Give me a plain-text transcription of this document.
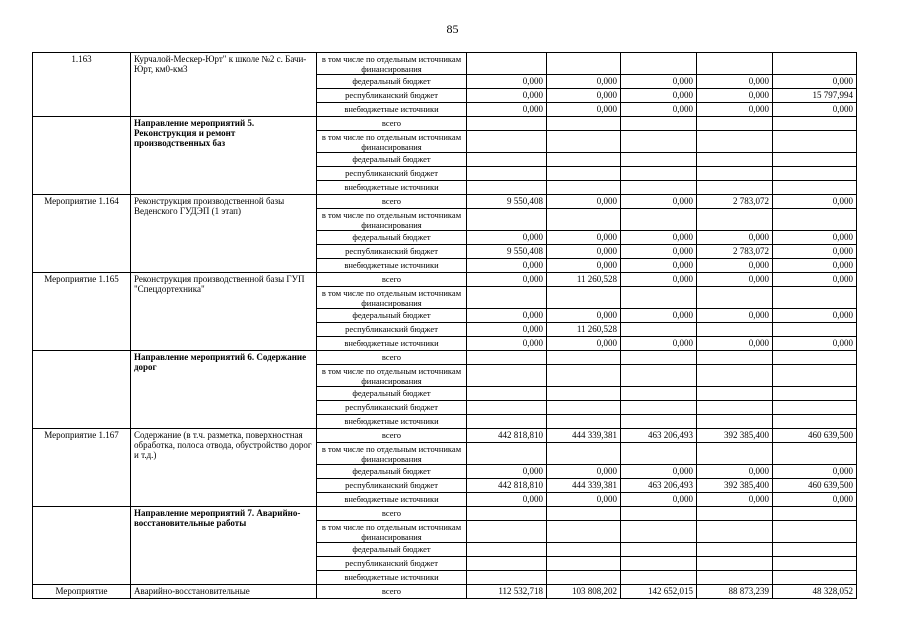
85
1.163	Курчалой-Мескер-Юрт" к школе №2 с. Бачи-Юрт, км0-км3	в том числе по отдельным источникам финансирования					
		федеральный бюджет	0,000	0,000	0,000	0,000	0,000
		республиканский бюджет	0,000	0,000	0,000	0,000	15 797,994
		внебюджетные источники	0,000	0,000	0,000	0,000	0,000
	Направление мероприятий 5. Реконструкция и ремонт производственных баз	всего					
		в том числе по отдельным источникам финансирования					
		федеральный бюджет					
		республиканский бюджет					
		внебюджетные источники					
Мероприятие 1.164	Реконструкция производственной базы Веденского ГУДЭП (1 этап)	всего	9 550,408	0,000	0,000	2 783,072	0,000
		в том числе по отдельным источникам финансирования					
		федеральный бюджет	0,000	0,000	0,000	0,000	0,000
		республиканский бюджет	9 550,408	0,000	0,000	2 783,072	0,000
		внебюджетные источники	0,000	0,000	0,000	0,000	0,000
Мероприятие 1.165	Реконструкция производственной базы ГУП "Спецдортехника"	всего	0,000	11 260,528	0,000	0,000	0,000
		в том числе по отдельным источникам финансирования					
		федеральный бюджет	0,000	0,000	0,000	0,000	0,000
		республиканский бюджет	0,000	11 260,528			
		внебюджетные источники	0,000	0,000	0,000	0,000	0,000
	Направление мероприятий 6. Содержание дорог	всего					
		в том числе по отдельным источникам финансирования					
		федеральный бюджет					
		республиканский бюджет					
		внебюджетные источники					
Мероприятие 1.167	Содержание (в т.ч. разметка, поверхностная обработка, полоса отвода, обустройство дорог и т.д.)	всего	442 818,810	444 339,381	463 206,493	392 385,400	460 639,500
		в том числе по отдельным источникам финансирования					
		федеральный бюджет	0,000	0,000	0,000	0,000	0,000
		республиканский бюджет	442 818,810	444 339,381	463 206,493	392 385,400	460 639,500
		внебюджетные источники	0,000	0,000	0,000	0,000	0,000
	Направление мероприятий 7. Аварийно-восстановительные работы	всего					
		в том числе по отдельным источникам финансирования					
		федеральный бюджет					
		республиканский бюджет					
		внебюджетные источники					
Мероприятие	Аварийно-восстановительные	всего	112 532,718	103 808,202	142 652,015	88 873,239	48 328,052
